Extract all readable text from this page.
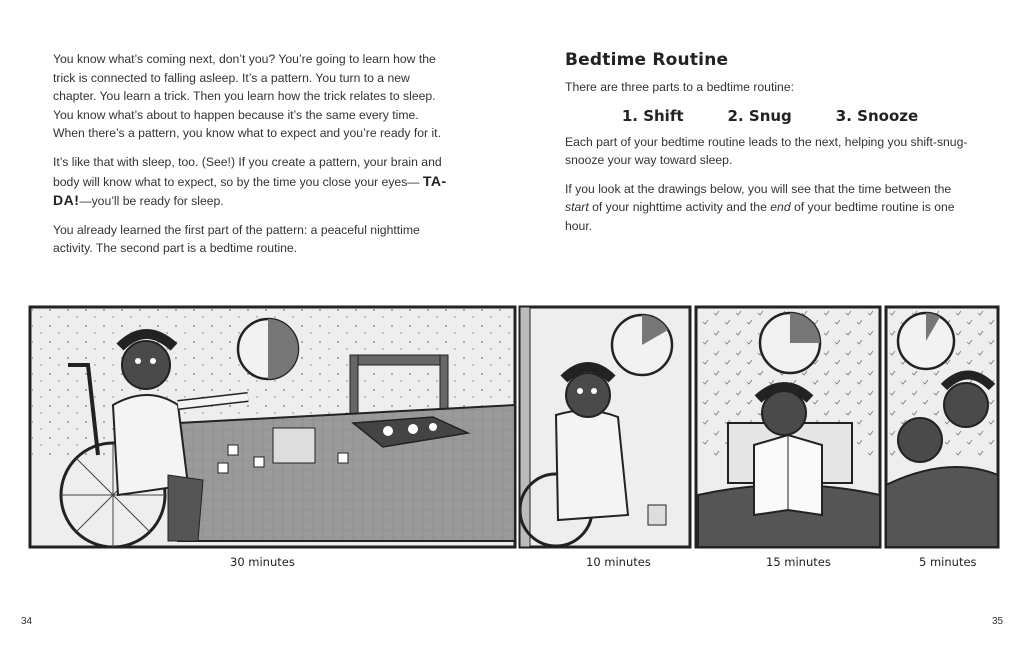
You know what’s coming next, don’t you? You’re going to learn how the trick is connected to falling asleep. It’s a pattern. You turn to a new chapter. You learn a trick. Then you learn how the trick relates to sleep. You know what’s about to happen because it’s the same every time. When there’s a pattern, you know what to expect and you’re ready for it.

It’s like that with sleep, too. (See!) If you create a pattern, your brain and body will know what to expect, so by the time you close your eyes— TA-DA!—you’ll be ready for sleep.

You already learned the first part of the pattern: a peaceful nighttime activity. The second part is a bedtime routine.

Bedtime Routine

There are three parts to a bedtime routine:

1. Shift	2. Snug	3. Snooze

Each part of your bedtime routine leads to the next, helping you shift-snug-snooze your way toward sleep.

If you look at the drawings below, you will see that the time between the start of your nighttime activity and the end of your bedtime routine is one hour.

30 minutes	10 minutes	15 minutes	5 minutes
34	35
